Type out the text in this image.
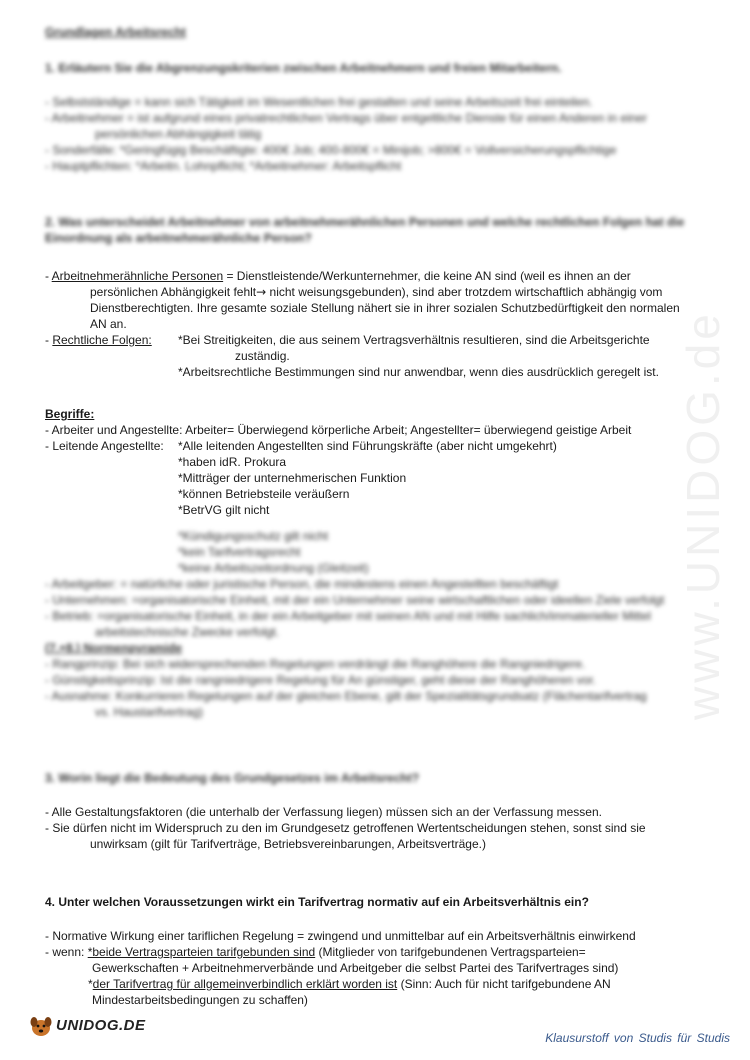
www.UNIDOG.de
Grundlagen Arbeitsrecht
1. Erläutern Sie die Abgrenzungskriterien zwischen Arbeitnehmern und freien Mitarbeitern.
- Selbstständige = kann sich Tätigkeit im Wesentlichen frei gestalten und seine Arbeitszeit frei einteilen.
- Arbeitnehmer = ist aufgrund eines privatrechtlichen Vertrags über entgeltliche Dienste für einen Anderen in einer
persönlichen Abhängigkeit tätig
- Sonderfälle: *Geringfügig Beschäftigte: 400€ Job; 400-800€ = Minijob; >800€ = Vollversicherungspflichtige
- Hauptpflichten: *Arbeitn. Lohnpflicht; *Arbeitnehmer: Arbeitspflicht
2. Was unterscheidet Arbeitnehmer von arbeitnehmerähnlichen Personen und welche rechtlichen Folgen hat die Einordnung als arbeitnehmerähnliche Person?
- Arbeitnehmerähnliche Personen = Dienstleistende/Werkunternehmer, die keine AN sind (weil es ihnen an der
persönlichen Abhängigkeit fehlt→ nicht weisungsgebunden), sind aber trotzdem wirtschaftlich abhängig vom Dienstberechtigten. Ihre gesamte soziale Stellung nähert sie in ihrer sozialen Schutzbedürftigkeit den normalen AN an.
- Rechtliche Folgen:	*Bei Streitigkeiten, die aus seinem Vertragsverhältnis resultieren, sind die Arbeitsgerichte
zuständig.
*Arbeitsrechtliche Bestimmungen sind nur anwendbar, wenn dies ausdrücklich geregelt ist.
Begriffe:
- Arbeiter und Angestellte: Arbeiter= Überwiegend körperliche Arbeit; Angestellter= überwiegend geistige Arbeit
- Leitende Angestellte:	*Alle leitenden Angestellten sind Führungskräfte (aber nicht umgekehrt)
*haben idR. Prokura
*Mitträger der unternehmerischen Funktion
*können Betriebsteile veräußern
*BetrVG gilt nicht
*Kündigungsschutz gilt nicht
*kein Tarifvertragsrecht
*keine Arbeitszeitordnung (Gleitzeit)
- Arbeitgeber: = natürliche oder juristische Person, die mindestens einen Angestellten beschäftigt
- Unternehmen: =organisatorische Einheit, mit der ein Unternehmer seine wirtschaftlichen oder ideellen Ziele verfolgt
- Betrieb: =organisatorische Einheit, in der ein Arbeitgeber mit seinen AN und mit Hilfe sachlich/immaterieller Mittel
arbeitstechnische Zwecke verfolgt.
(7.+8.) Normenpyramide
- Rangprinzip: Bei sich widersprechenden Regelungen verdrängt die Ranghöhere die Rangniedrigere.
- Günstigkeitsprinzip: Ist die rangniedrigere Regelung für An günstiger, geht diese der Ranghöheren vor.
- Ausnahme: Konkurrieren Regelungen auf der gleichen Ebene, gilt der Spezialitätsgrundsatz (Flächentarifvertrag
vs. Haustarifvertrag)
3. Worin liegt die Bedeutung des Grundgesetzes im Arbeitsrecht?
- Alle Gestaltungsfaktoren (die unterhalb der Verfassung liegen) müssen sich an der Verfassung messen.
- Sie dürfen nicht im Widerspruch zu den im Grundgesetz getroffenen Wertentscheidungen stehen, sonst sind sie
unwirksam (gilt für Tarifverträge, Betriebsvereinbarungen, Arbeitsverträge.)
4. Unter welchen Voraussetzungen wirkt ein Tarifvertrag normativ auf ein Arbeitsverhältnis ein?
- Normative Wirkung einer tariflichen Regelung = zwingend und unmittelbar auf ein Arbeitsverhältnis einwirkend
- wenn: *beide Vertragsparteien tarifgebunden sind (Mitglieder von tarifgebundenen Vertragsparteien=
Gewerkschaften + Arbeitnehmerverbände und Arbeitgeber die selbst Partei des Tarifvertrages sind)
*der Tarifvertrag für allgemeinverbindlich erklärt worden ist (Sinn: Auch für nicht tarifgebundene AN
Mindestarbeitsbedingungen zu schaffen)
UNIDOG.DE
Klausurstoff von Studis für Studis
